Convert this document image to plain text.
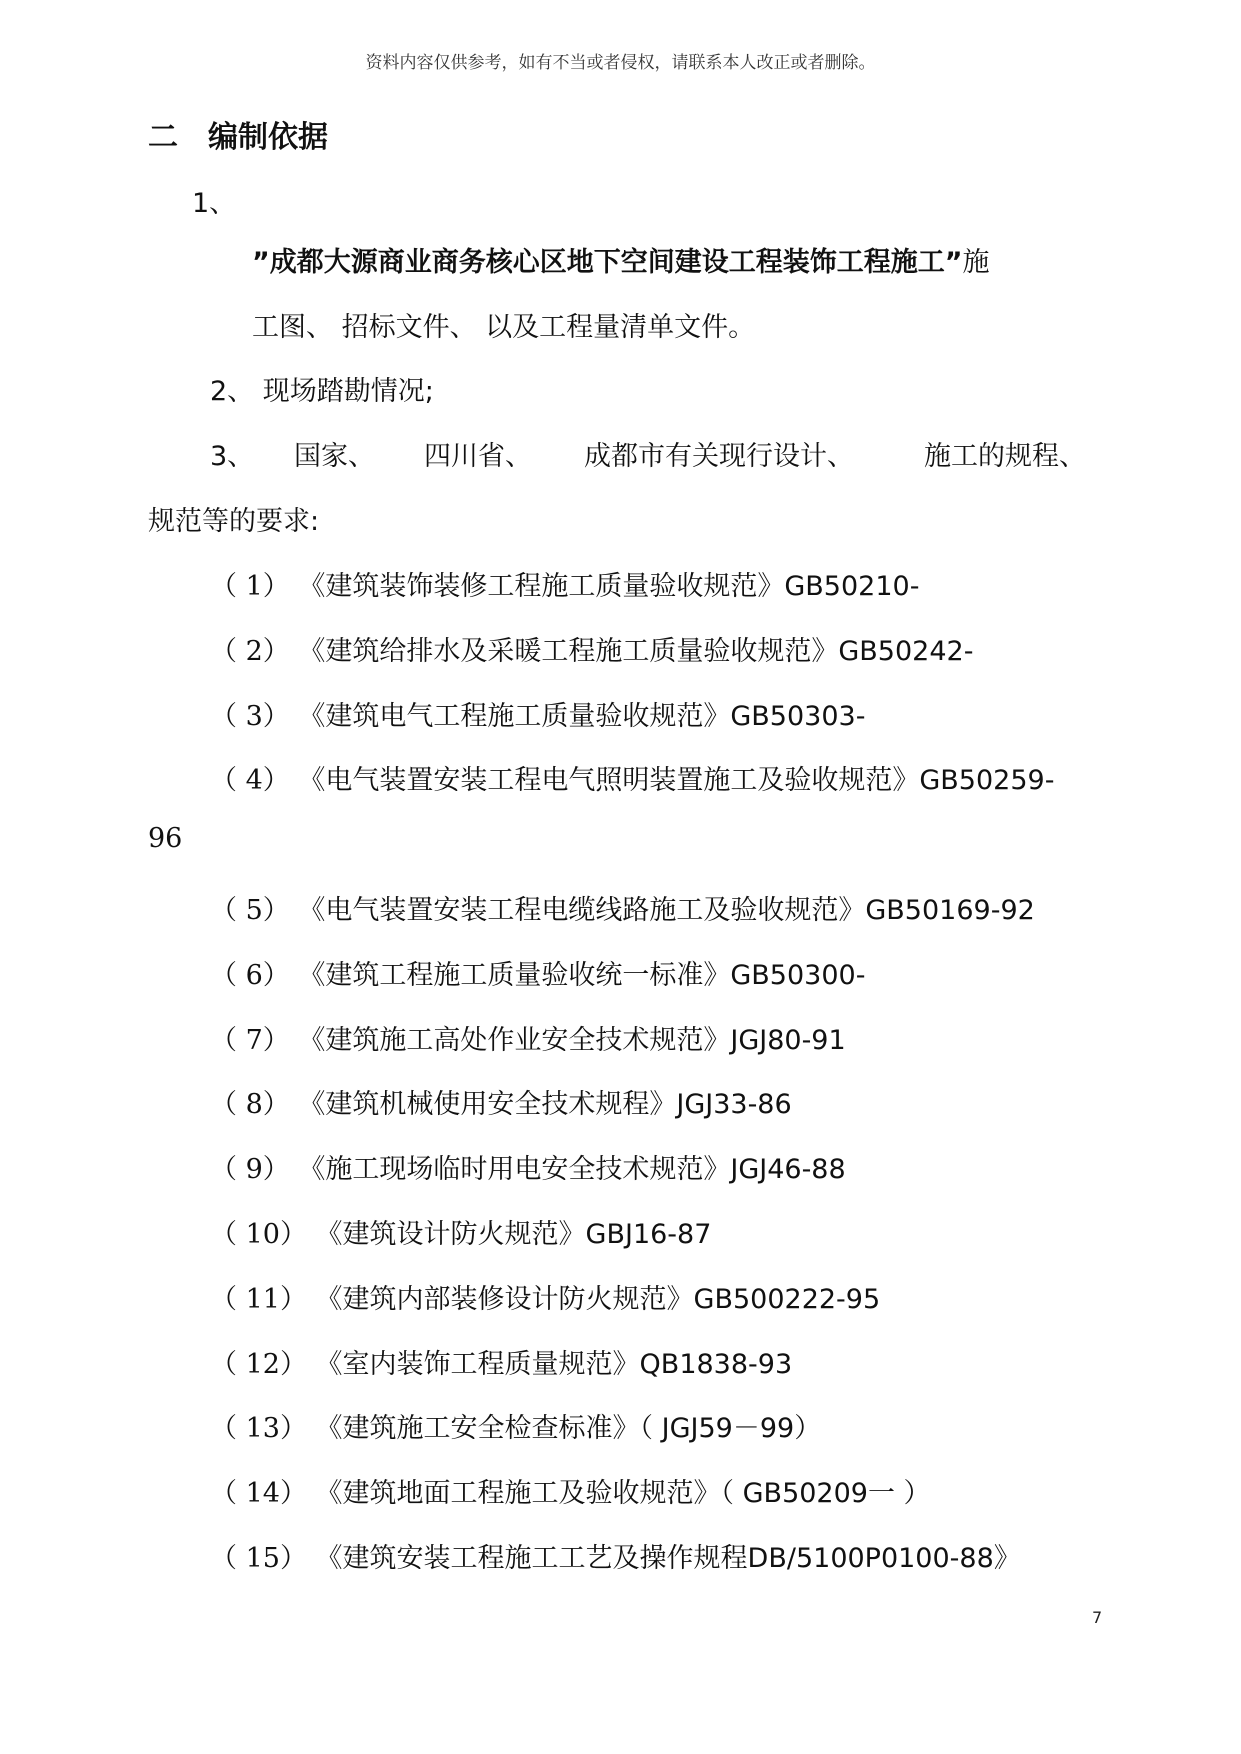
资料内容仅供参考，如有不当或者侵权，请联系本人改正或者删除。
二 编制依据
1、
”成都大源商业商务核心区地下空间建设工程装饰工程施工”施
工图、 招标文件、 以及工程量清单文件。
2、 现场踏勘情况;
3、 国家、 四川省、 成都市有关现行设计、	施工的规程、
规范等的要求:
（ 1） 《建筑装饰装修工程施工质量验收规范》GB50210-
（ 2） 《建筑给排水及采暖工程施工质量验收规范》GB50242-
（ 3） 《建筑电气工程施工质量验收规范》GB50303-
（ 4） 《电气装置安装工程电气照明装置施工及验收规范》GB50259-
96
（ 5） 《电气装置安装工程电缆线路施工及验收规范》GB50169-92
（ 6） 《建筑工程施工质量验收统一标准》GB50300-
（ 7） 《建筑施工高处作业安全技术规范》JGJ80-91
（ 8） 《建筑机械使用安全技术规程》JGJ33-86
（ 9） 《施工现场临时用电安全技术规范》JGJ46-88
（ 10） 《建筑设计防火规范》GBJ16-87
（ 11） 《建筑内部装修设计防火规范》GB500222-95
（ 12） 《室内装饰工程质量规范》QB1838-93
（ 13） 《建筑施工安全检查标准》（ JGJ59－99）
（ 14） 《建筑地面工程施工及验收规范》（ GB50209一 ）
（ 15） 《建筑安装工程施工工艺及操作规程DB/5100P0100-88》
7
